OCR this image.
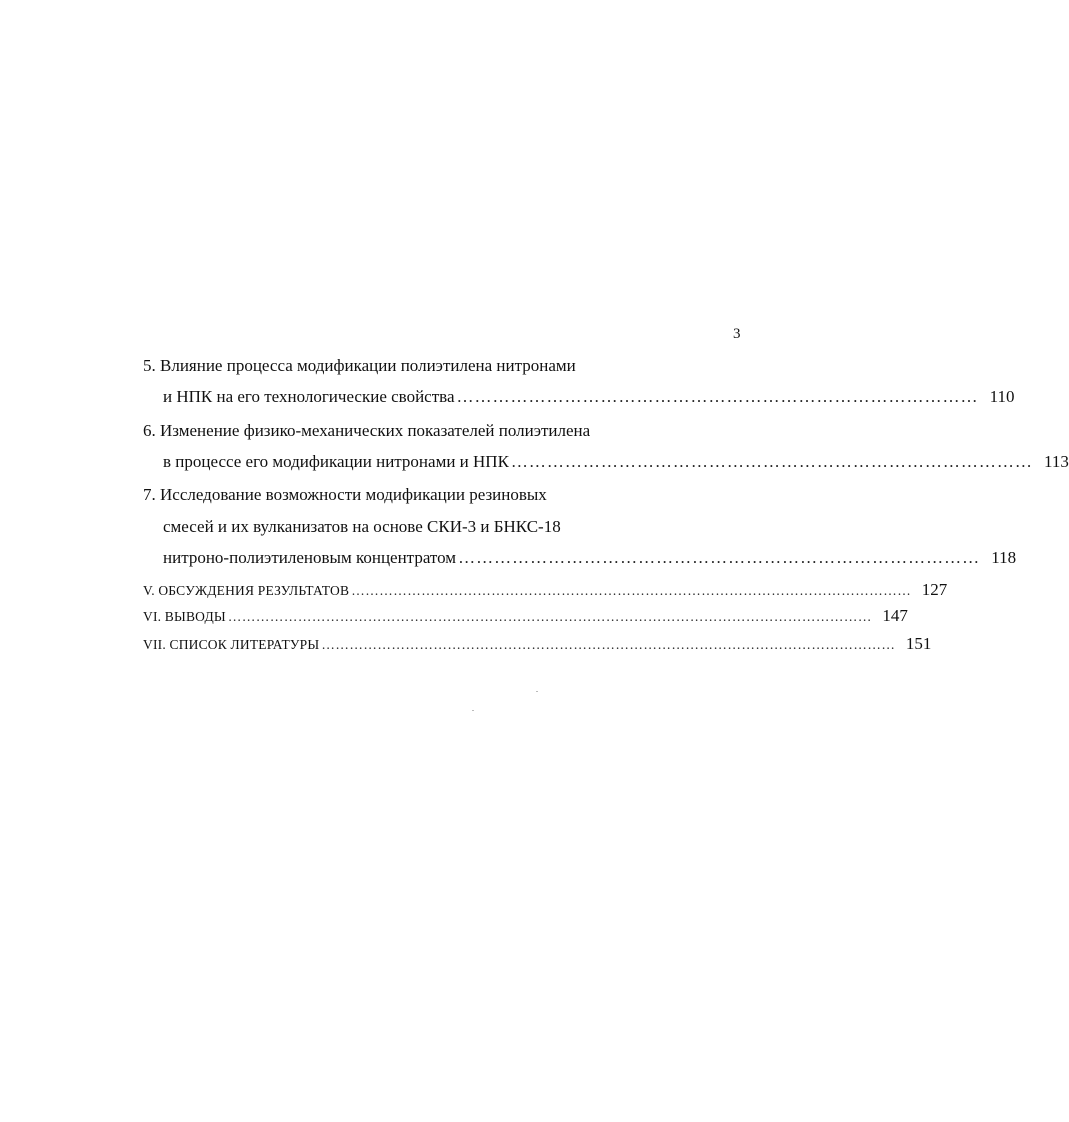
3
5. Влияние процесса модификации полиэтилена нитронами
и НПК на его технологические свойства …………………………………………………………………………… 110
6. Изменение физико-механических показателей полиэтилена
в процессе его модификации нитронами и НПК …………………………………………………………………………… 113
7. Исследование возможности модификации резиновых
смесей и их вулканизатов на основе СКИ-3 и БНКС-18
нитроно-полиэтиленовым концентратом …………………………………………………………………………… 118
V. ОБСУЖДЕНИЯ РЕЗУЛЬТАТОВ ………………………………………………………………………………………………………… 127
VI. ВЫВОДЫ ………………………………………………………………………………………………………………………… 147
VII. СПИСОК ЛИТЕРАТУРЫ …………………………………………………………………………………………………………… 151
